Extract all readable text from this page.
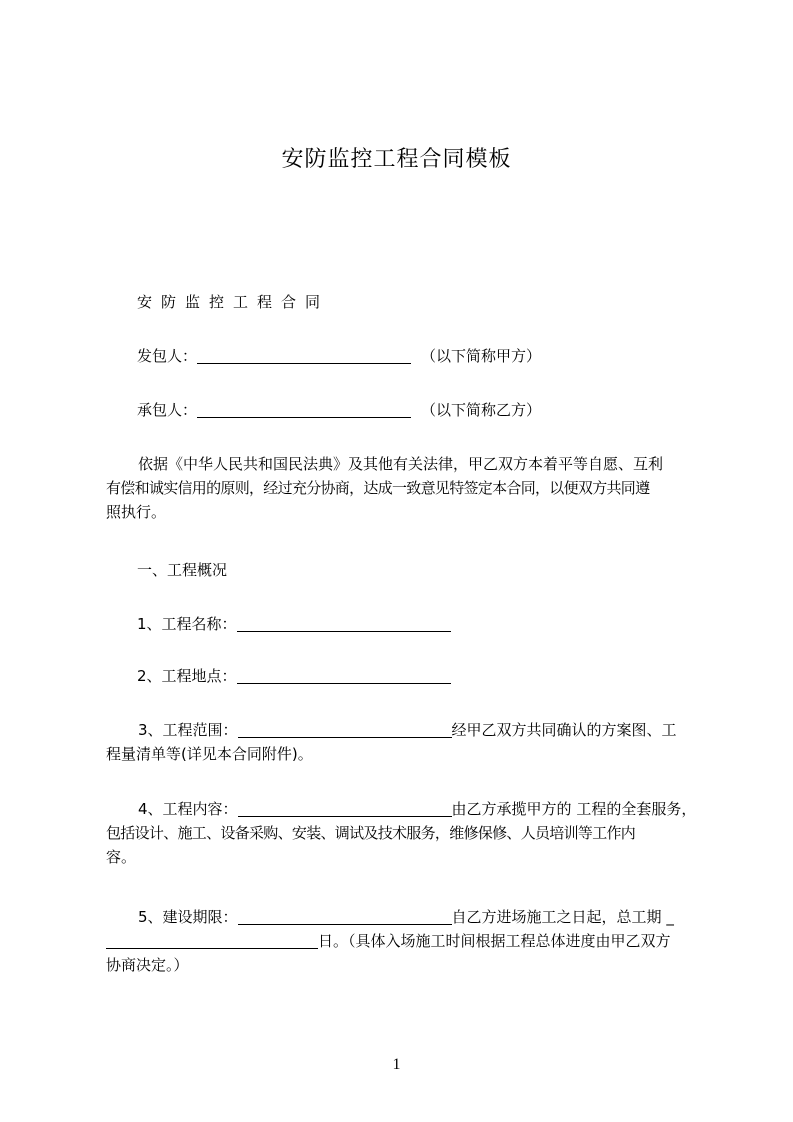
安防监控工程合同模板
安防监控工程合同
发包人：	（以下简称甲方）
承包人：	（以下简称乙方）
依据《中华人民共和国民法典》及其他有关法律，甲乙双方本着平等自愿、互利
有偿和诚实信用的原则，经过充分协商，达成一致意见特签定本合同，以便双方共同遵
照执行。
一、工程概况
1、工程名称：
2、工程地点：
3、工程范围：	经甲乙双方共同确认的方案图、工
程量清单等(详见本合同附件)。
4、工程内容：	由乙方承揽甲方的 工程的全套服务，
包括设计、施工、设备采购、安装、调试及技术服务，维修保修、人员培训等工作内
容。
5、建设期限：	自乙方进场施工之日起，总工期 _
日。（具体入场施工时间根据工程总体进度由甲乙双方
协商决定。）
1
